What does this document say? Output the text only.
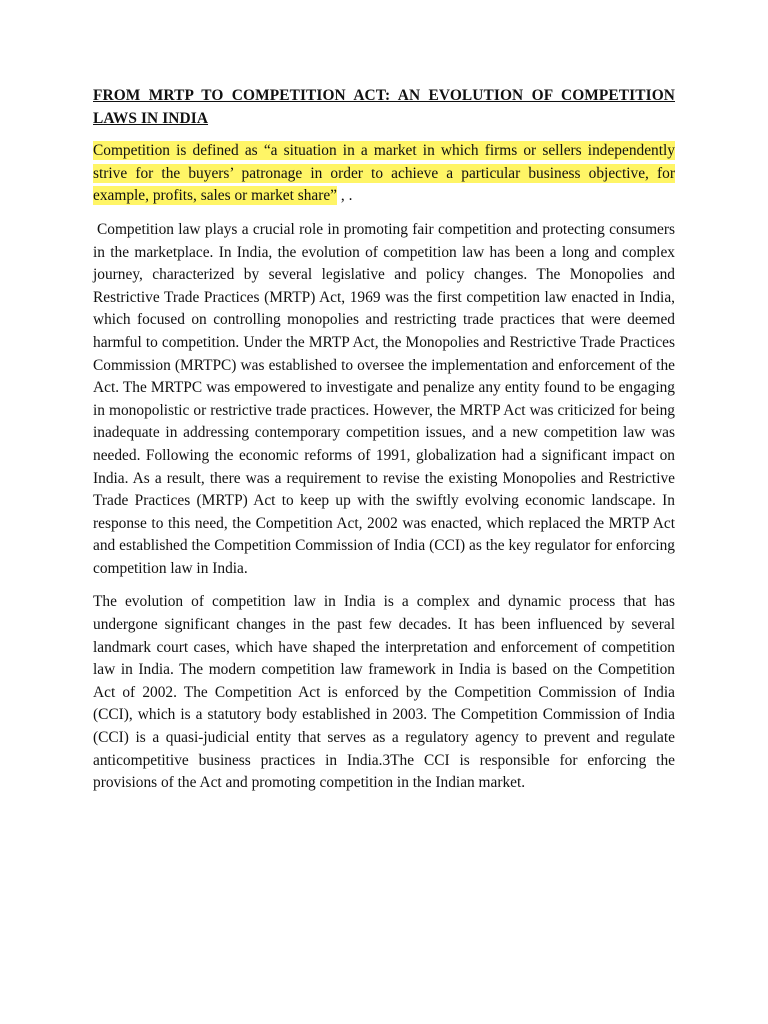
FROM MRTP TO COMPETITION ACT: AN EVOLUTION OF COMPETITION LAWS IN INDIA

Competition is defined as “a situation in a market in which firms or sellers independently strive for the buyers’ patronage in order to achieve a particular business objective, for example, profits, sales or market share” , .

Competition law plays a crucial role in promoting fair competition and protecting consumers in the marketplace. In India, the evolution of competition law has been a long and complex journey, characterized by several legislative and policy changes. The Monopolies and Restrictive Trade Practices (MRTP) Act, 1969 was the first competition law enacted in India, which focused on controlling monopolies and restricting trade practices that were deemed harmful to competition. Under the MRTP Act, the Monopolies and Restrictive Trade Practices Commission (MRTPC) was established to oversee the implementation and enforcement of the Act. The MRTPC was empowered to investigate and penalize any entity found to be engaging in monopolistic or restrictive trade practices. However, the MRTP Act was criticized for being inadequate in addressing contemporary competition issues, and a new competition law was needed. Following the economic reforms of 1991, globalization had a significant impact on India. As a result, there was a requirement to revise the existing Monopolies and Restrictive Trade Practices (MRTP) Act to keep up with the swiftly evolving economic landscape. In response to this need, the Competition Act, 2002 was enacted, which replaced the MRTP Act and established the Competition Commission of India (CCI) as the key regulator for enforcing competition law in India.

The evolution of competition law in India is a complex and dynamic process that has undergone significant changes in the past few decades. It has been influenced by several landmark court cases, which have shaped the interpretation and enforcement of competition law in India. The modern competition law framework in India is based on the Competition Act of 2002. The Competition Act is enforced by the Competition Commission of India (CCI), which is a statutory body established in 2003. The Competition Commission of India (CCI) is a quasi-judicial entity that serves as a regulatory agency to prevent and regulate anticompetitive business practices in India.3The CCI is responsible for enforcing the provisions of the Act and promoting competition in the Indian market.
